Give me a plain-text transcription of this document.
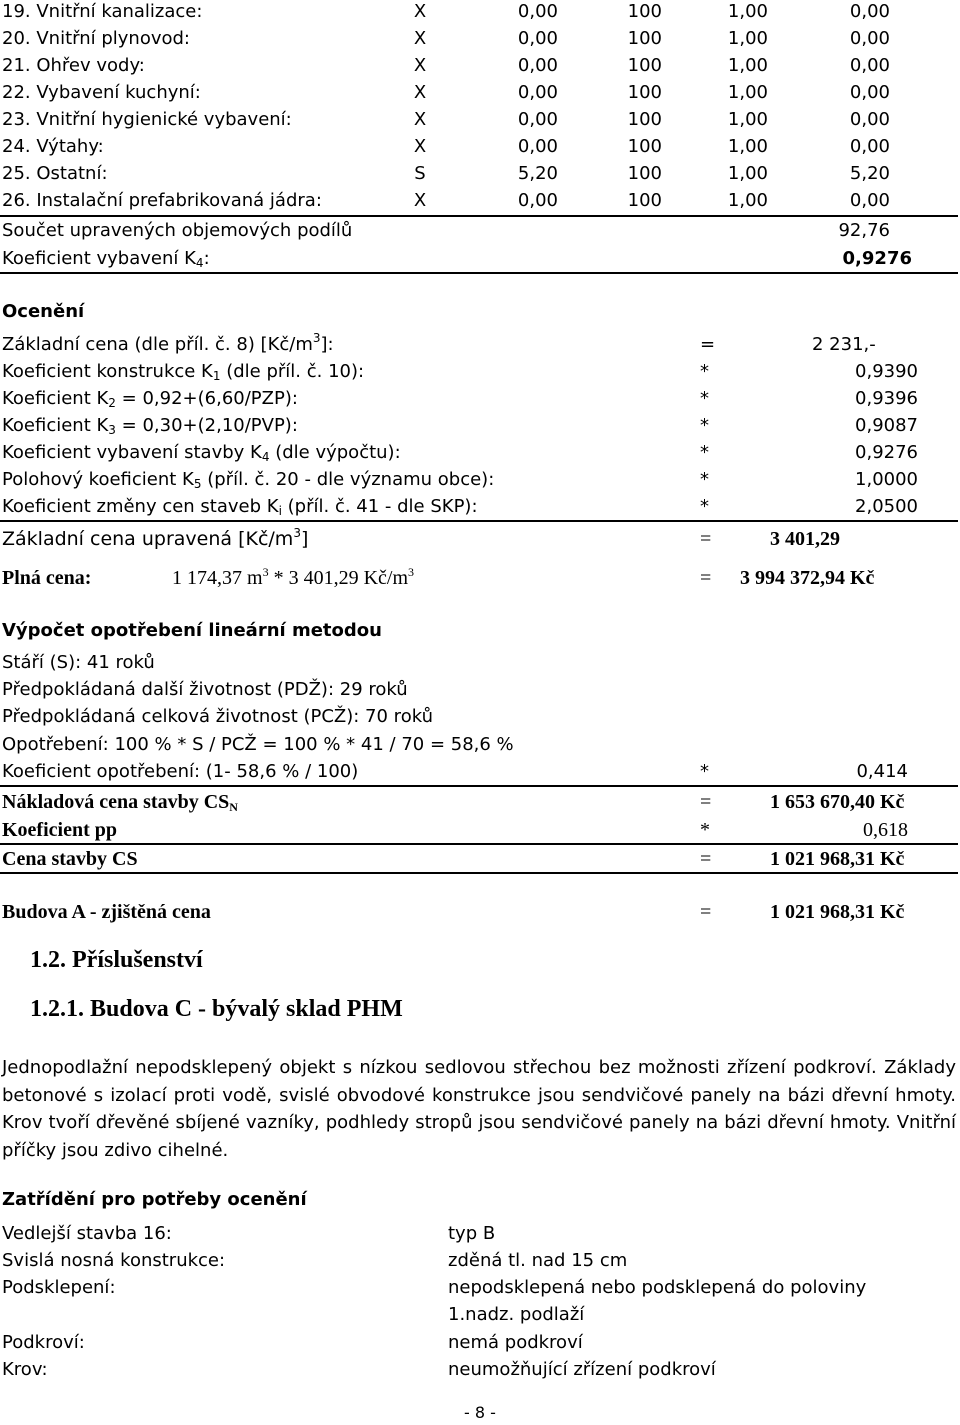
19. Vnitřní kanalizace:	X	0,00	100	1,00	0,00
20. Vnitřní plynovod:	X	0,00	100	1,00	0,00
21. Ohřev vody:	X	0,00	100	1,00	0,00
22. Vybavení kuchyní:	X	0,00	100	1,00	0,00
23. Vnitřní hygienické vybavení:	X	0,00	100	1,00	0,00
24. Výtahy:	X	0,00	100	1,00	0,00
25. Ostatní:	S	5,20	100	1,00	5,20
26. Instalační prefabrikovaná jádra:	X	0,00	100	1,00	0,00
Součet upravených objemových podílů	92,76
Koeficient vybavení $K_4$:	0,9276
Ocenění
Základní cena (dle příl. č. 8) $[Kč/m^3]$:	=	2 231,-
Koeficient konstrukce $K_1$ (dle příl. č. 10):	*	0,9390
Koeficient $K_2 = 0,92+(6,60/PZP)$:	*	0,9396
Koeficient $K_3 = 0,30+(2,10/PVP)$:	*	0,9087
Koeficient vybavení stavby $K_4$ (dle výpočtu):	*	0,9276
Polohový koeficient $K_5$ (příl. č. 20 - dle významu obce):	*	1,0000
Koeficient změny cen staveb $K_i$ (příl. č. 41 - dle SKP):	*	2,0500
Základní cena upravená $[Kč/m^3]$	=	3 401,29
Plná cena:	1 174,37 $m^3 * 3$ 401,29 $Kč/m^3$	= 3 994 372,94 Kč
Výpočet opotřebení lineární metodou
Stáří (S): 41 roků
Předpokládaná další životnost (PDŽ): 29 roků
Předpokládaná celková životnost (PCŽ): 70 roků
Opotřebení: 100 % * S / PCŽ = 100 % * 41 / 70 = 58,6 %
Koeficient opotřebení: (1- 58,6 % / 100)	*	0,414
Nákladová cena stavby $CS_N$	=	1 653 670,40 Kč
Koeficient pp	*	0,618
Cena stavby CS	=	1 021 968,31 Kč
Budova A - zjištěná cena	=	1 021 968,31 Kč
1.2. Příslušenství
1.2.1. Budova C - bývalý sklad PHM
Jednopodlažní nepodsklepený objekt s nízkou sedlovou střechou bez možnosti zřízení podkroví. Základy betonové s izolací proti vodě, svislé obvodové konstrukce jsou sendvičové panely na bázi dřevní hmoty. Krov tvoří dřevěné sbíjené vazníky, podhledy stropů jsou sendvičové panely na bázi dřevní hmoty. Vnitřní příčky jsou zdivo cihelné.
Zatřídění pro potřeby ocenění
Vedlejší stavba 16:	typ B
Svislá nosná konstrukce:	zděná tl. nad 15 cm
Podsklepení:	nepodsklepená nebo podsklepená do poloviny
1.nadz. podlaží
Podkroví:	nemá podkroví
Krov:	neumožňující zřízení podkroví
- 8 -
